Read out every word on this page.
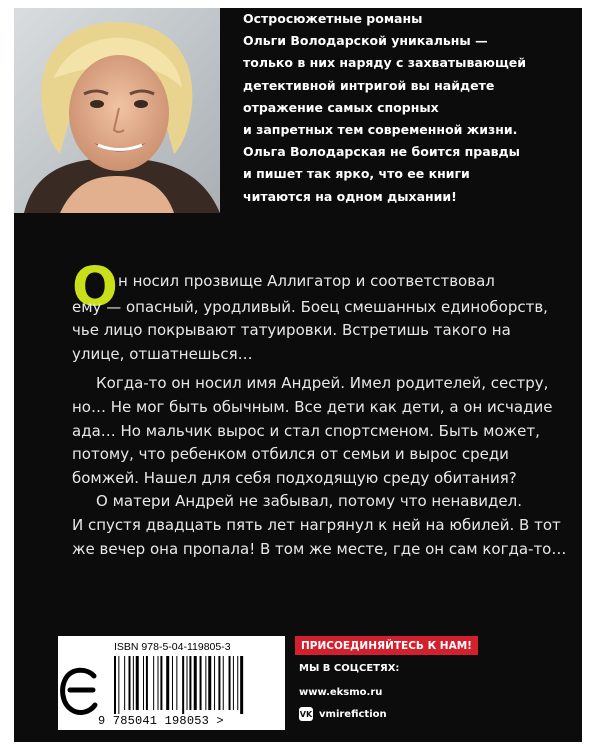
Остросюжетные романы
Ольги Володарской уникальны —
только в них наряду с захватывающей
детективной интригой вы найдете
отражение самых спорных
и запретных тем современной жизни.
Ольга Володарская не боится правды
и пишет так ярко, что ее книги
читаются на одном дыхании!

О н носил прозвище Аллигатор и соответствовал
ему — опасный, уродливый. Боец смешанных единоборств,
чье лицо покрывают татуировки. Встретишь такого на
улице, отшатнешься…
Когда-то он носил имя Андрей. Имел родителей, сестру,
но… Не мог быть обычным. Все дети как дети, а он исчадие
ада… Но мальчик вырос и стал спортсменом. Быть может,
потому, что ребенком отбился от семьи и вырос среди
бомжей. Нашел для себя подходящую среду обитания?
О матери Андрей не забывал, потому что ненавидел.
И спустя двадцать пять лет нагрянул к ней на юбилей. В тот
же вечер она пропала! В том же месте, где он сам когда-то…
ISBN 978-5-04-119805-3
9 785041 198053 >
ПРИСОЕДИНЯЙТЕСЬ К НАМ!
МЫ В СОЦСЕТЯХ:
www.eksmo.ru
VK vmirefiction
